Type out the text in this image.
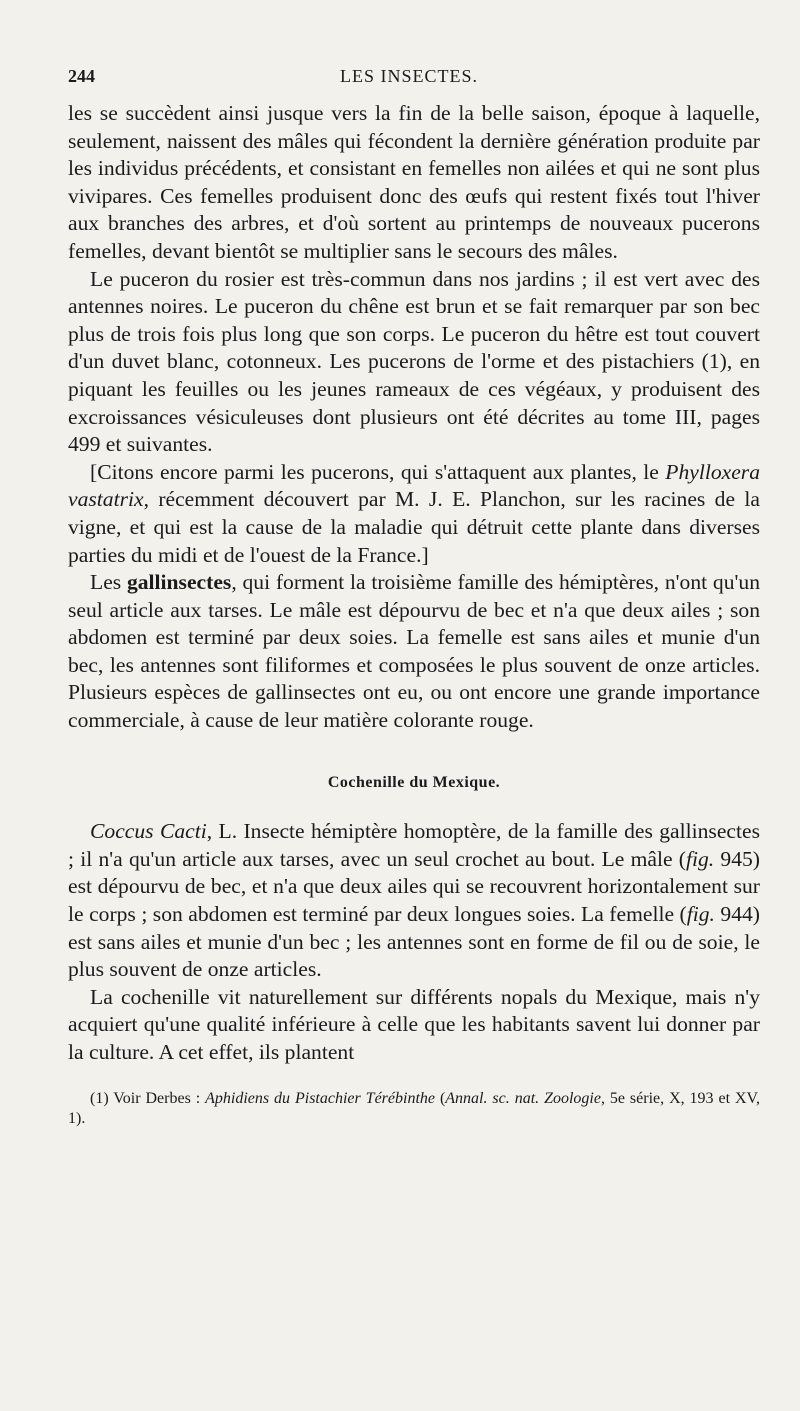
244	LES INSECTES.

les se succèdent ainsi jusque vers la fin de la belle saison, époque à laquelle, seulement, naissent des mâles qui fécondent la dernière génération produite par les individus précédents, et consistant en femelles non ailées et qui ne sont plus vivipares. Ces femelles produisent donc des œufs qui restent fixés tout l'hiver aux branches des arbres, et d'où sortent au printemps de nouveaux pucerons femelles, devant bientôt se multiplier sans le secours des mâles.

Le puceron du rosier est très-commun dans nos jardins ; il est vert avec des antennes noires. Le puceron du chêne est brun et se fait remarquer par son bec plus de trois fois plus long que son corps. Le puceron du hêtre est tout couvert d'un duvet blanc, cotonneux. Les pucerons de l'orme et des pistachiers (1), en piquant les feuilles ou les jeunes rameaux de ces végéaux, y produisent des excroissances vésiculeuses dont plusieurs ont été décrites au tome III, pages 499 et suivantes.

[Citons encore parmi les pucerons, qui s'attaquent aux plantes, le Phylloxera vastatrix, récemment découvert par M. J. E. Planchon, sur les racines de la vigne, et qui est la cause de la maladie qui détruit cette plante dans diverses parties du midi et de l'ouest de la France.]

Les gallinsectes, qui forment la troisième famille des hémiptères, n'ont qu'un seul article aux tarses. Le mâle est dépourvu de bec et n'a que deux ailes ; son abdomen est terminé par deux soies. La femelle est sans ailes et munie d'un bec, les antennes sont filiformes et composées le plus souvent de onze articles. Plusieurs espèces de gallinsectes ont eu, ou ont encore une grande importance commerciale, à cause de leur matière colorante rouge.

Cochenille du Mexique.

Coccus Cacti, L. Insecte hémiptère homoptère, de la famille des gallinsectes ; il n'a qu'un article aux tarses, avec un seul crochet au bout. Le mâle (fig. 945) est dépourvu de bec, et n'a que deux ailes qui se recouvrent horizontalement sur le corps ; son abdomen est terminé par deux longues soies. La femelle (fig. 944) est sans ailes et munie d'un bec ; les antennes sont en forme de fil ou de soie, le plus souvent de onze articles.

La cochenille vit naturellement sur différents nopals du Mexique, mais n'y acquiert qu'une qualité inférieure à celle que les habitants savent lui donner par la culture. A cet effet, ils plantent

(1) Voir Derbes : Aphidiens du Pistachier Térébinthe (Annal. sc. nat. Zoologie, 5e série, X, 193 et XV, 1).
